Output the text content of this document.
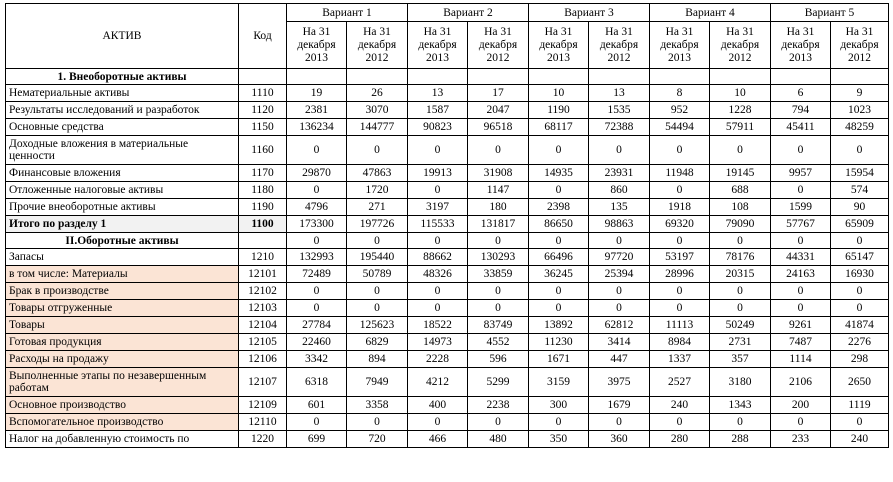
АКТИВ	Код	Вариант 1		Вариант 2		Вариант 3		Вариант 4		Вариант 5	
		На 31 декабря 2013	На 31 декабря 2012	На 31 декабря 2013	На 31 декабря 2012	На 31 декабря 2013	На 31 декабря 2012	На 31 декабря 2013	На 31 декабря 2012	На 31 декабря 2013	На 31 декабря 2012
1. Внеоборотные активы											
Нематериальные активы	1110	19	26	13	17	10	13	8	10	6	9
Результаты исследований и разработок	1120	2381	3070	1587	2047	1190	1535	952	1228	794	1023
Основные средства	1150	136234	144777	90823	96518	68117	72388	54494	57911	45411	48259
Доходные вложения в материальные ценности	1160	0	0	0	0	0	0	0	0	0	0
Финансовые вложения	1170	29870	47863	19913	31908	14935	23931	11948	19145	9957	15954
Отложенные налоговые активы	1180	0	1720	0	1147	0	860	0	688	0	574
Прочие внеоборотные активы	1190	4796	271	3197	180	2398	135	1918	108	1599	90
Итого по разделу 1	1100	173300	197726	115533	131817	86650	98863	69320	79090	57767	65909
II.Оборотные активы		0	0	0	0	0	0	0	0	0	0
Запасы	1210	132993	195440	88662	130293	66496	97720	53197	78176	44331	65147
в том числе: Материалы	12101	72489	50789	48326	33859	36245	25394	28996	20315	24163	16930
Брак в производстве	12102	0	0	0	0	0	0	0	0	0	0
Товары отгруженные	12103	0	0	0	0	0	0	0	0	0	0
Товары	12104	27784	125623	18522	83749	13892	62812	11113	50249	9261	41874
Готовая продукция	12105	22460	6829	14973	4552	11230	3414	8984	2731	7487	2276
Расходы на продажу	12106	3342	894	2228	596	1671	447	1337	357	1114	298
Выполненные этапы по незавершенным работам	12107	6318	7949	4212	5299	3159	3975	2527	3180	2106	2650
Основное производство	12109	601	3358	400	2238	300	1679	240	1343	200	1119
Вспомогательное производство	12110	0	0	0	0	0	0	0	0	0	0
Налог на добавленную стоимость по	1220	699	720	466	480	350	360	280	288	233	240
